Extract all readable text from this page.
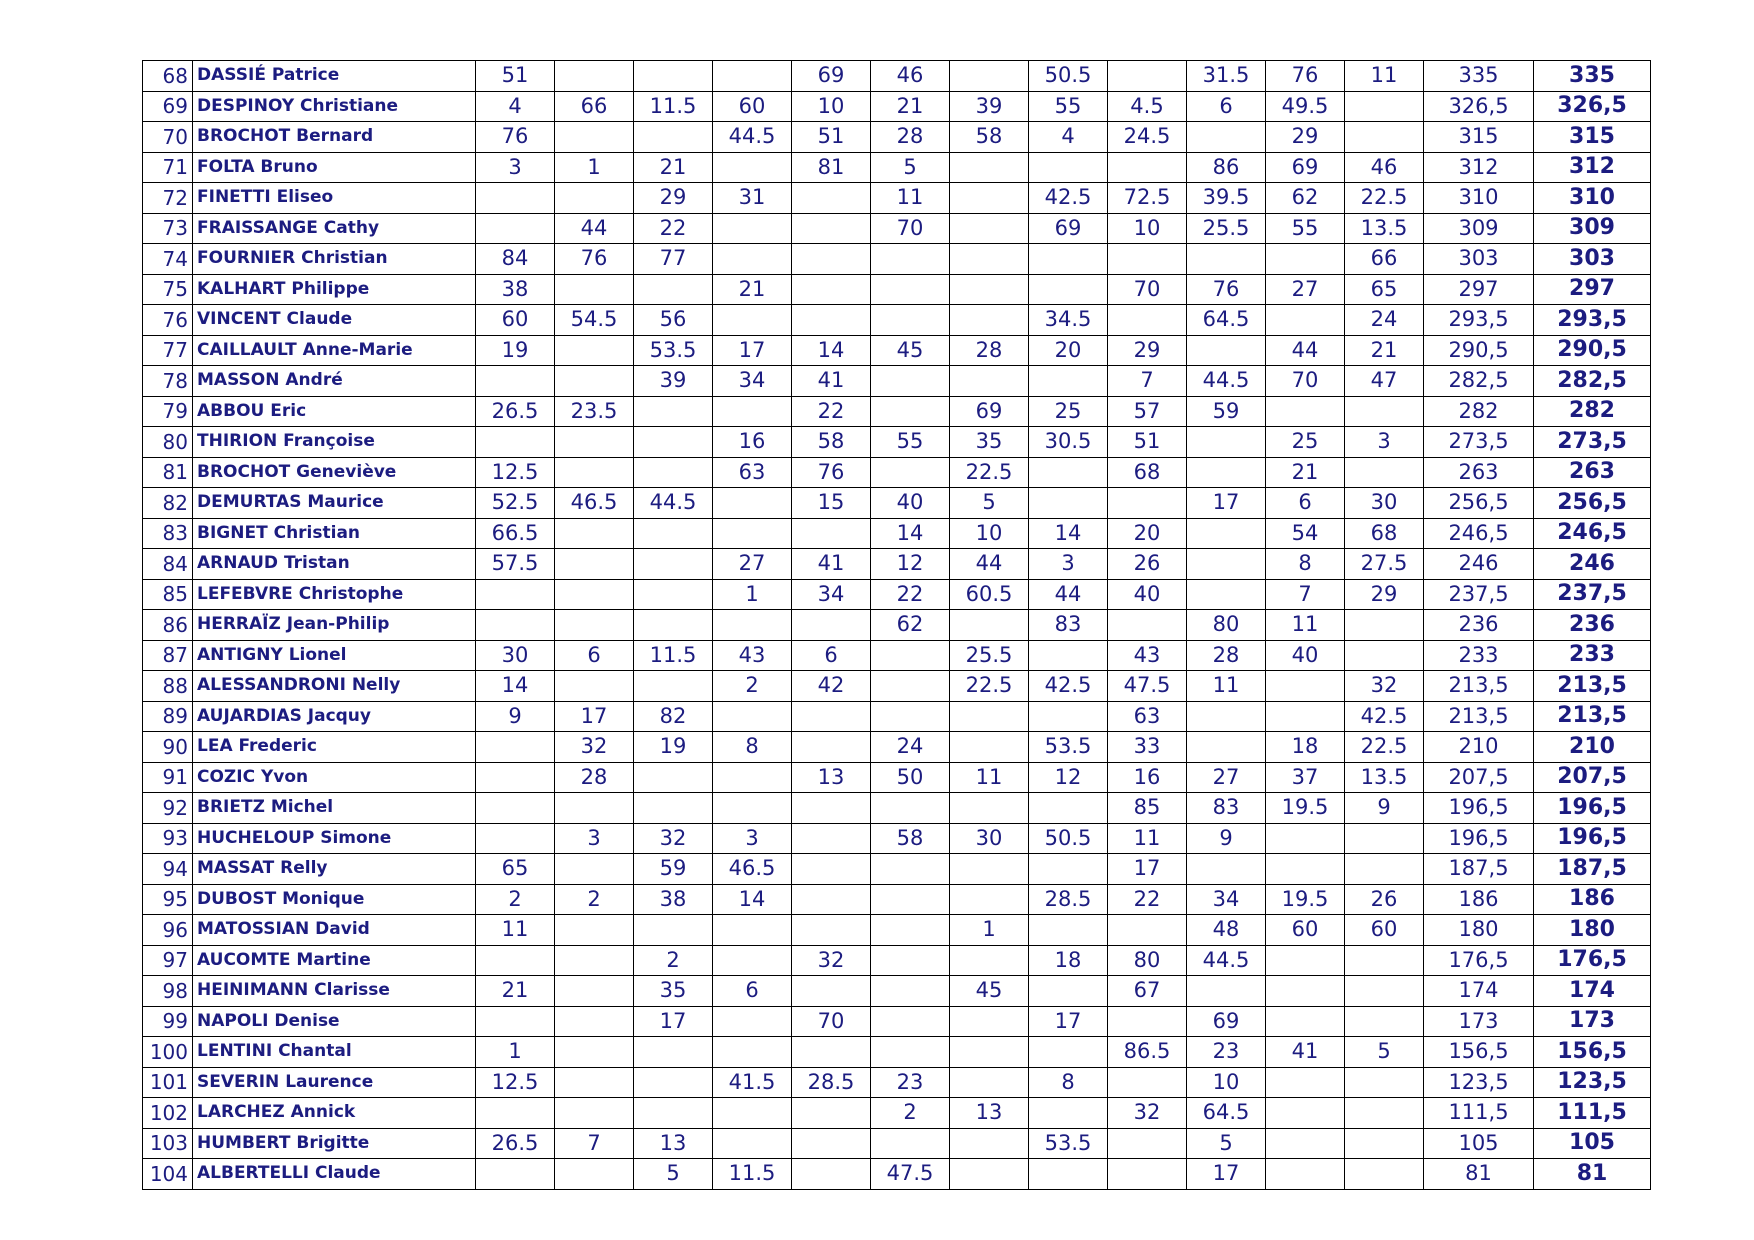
68	DASSIÉ Patrice	51				69	46		50.5		31.5	76	11	335	335
69	DESPINOY Christiane	4	66	11.5	60	10	21	39	55	4.5	6	49.5		326,5	326,5
70	BROCHOT Bernard	76			44.5	51	28	58	4	24.5		29		315	315
71	FOLTA Bruno	3	1	21		81	5				86	69	46	312	312
72	FINETTI Eliseo			29	31		11		42.5	72.5	39.5	62	22.5	310	310
73	FRAISSANGE Cathy		44	22			70		69	10	25.5	55	13.5	309	309
74	FOURNIER Christian	84	76	77									66	303	303
75	KALHART Philippe	38			21					70	76	27	65	297	297
76	VINCENT Claude	60	54.5	56					34.5		64.5		24	293,5	293,5
77	CAILLAULT Anne-Marie	19		53.5	17	14	45	28	20	29		44	21	290,5	290,5
78	MASSON André			39	34	41				7	44.5	70	47	282,5	282,5
79	ABBOU Eric	26.5	23.5			22		69	25	57	59			282	282
80	THIRION Françoise				16	58	55	35	30.5	51		25	3	273,5	273,5
81	BROCHOT Geneviève	12.5			63	76		22.5		68		21		263	263
82	DEMURTAS Maurice	52.5	46.5	44.5		15	40	5			17	6	30	256,5	256,5
83	BIGNET Christian	66.5					14	10	14	20		54	68	246,5	246,5
84	ARNAUD Tristan	57.5			27	41	12	44	3	26		8	27.5	246	246
85	LEFEBVRE Christophe				1	34	22	60.5	44	40		7	29	237,5	237,5
86	HERRAÏZ Jean-Philip						62		83		80	11		236	236
87	ANTIGNY Lionel	30	6	11.5	43	6		25.5		43	28	40		233	233
88	ALESSANDRONI Nelly	14			2	42		22.5	42.5	47.5	11		32	213,5	213,5
89	AUJARDIAS Jacquy	9	17	82						63			42.5	213,5	213,5
90	LEA Frederic		32	19	8		24		53.5	33		18	22.5	210	210
91	COZIC Yvon		28			13	50	11	12	16	27	37	13.5	207,5	207,5
92	BRIETZ Michel									85	83	19.5	9	196,5	196,5
93	HUCHELOUP Simone		3	32	3		58	30	50.5	11	9			196,5	196,5
94	MASSAT Relly	65		59	46.5					17				187,5	187,5
95	DUBOST Monique	2	2	38	14				28.5	22	34	19.5	26	186	186
96	MATOSSIAN David	11						1			48	60	60	180	180
97	AUCOMTE Martine			2		32			18	80	44.5			176,5	176,5
98	HEINIMANN Clarisse	21		35	6			45		67				174	174
99	NAPOLI Denise			17		70			17		69			173	173
100	LENTINI Chantal	1								86.5	23	41	5	156,5	156,5
101	SEVERIN Laurence	12.5			41.5	28.5	23		8		10			123,5	123,5
102	LARCHEZ Annick						2	13		32	64.5			111,5	111,5
103	HUMBERT Brigitte	26.5	7	13					53.5		5			105	105
104	ALBERTELLI Claude			5	11.5		47.5				17			81	81
